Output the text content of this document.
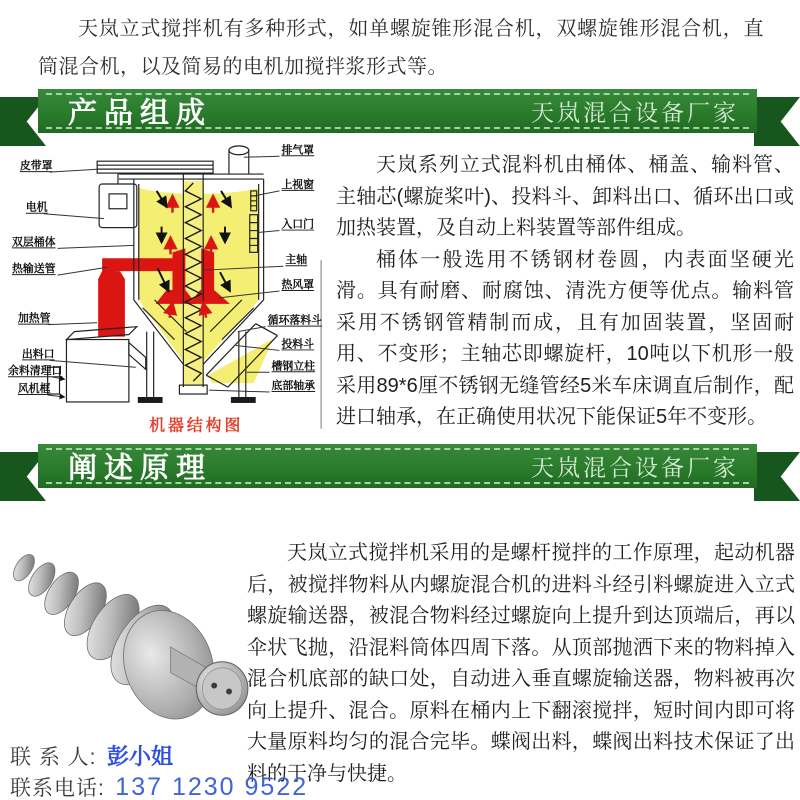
天岚立式搅拌机有多种形式，如单螺旋锥形混合机，双螺旋锥形混合机，直筒混合机，以及简易的电机加搅拌浆形式等。

产品组成	天岚混合设备厂家
皮带罩
电机
双层桶体
热输送管
加热管
出料口
余料清理口
风机框
排气罩
上视窗
入口门
主轴
热风罩
循环落料斗
投料斗
槽钢立柱
底部轴承
机器结构图

天岚系列立式混料机由桶体、桶盖、输料管、主轴芯(螺旋桨叶)、投料斗、卸料出口、循环出口或加热装置，及自动上料装置等部件组成。

桶体一般选用不锈钢材卷圆，内表面坚硬光滑。具有耐磨、耐腐蚀、清洗方便等优点。输料管采用不锈钢管精制而成，且有加固装置，坚固耐用、不变形；主轴芯即螺旋杆，10吨以下机形一般采用89*6厘不锈钢无缝管经5米车床调直后制作，配进口轴承，在正确使用状况下能保证5年不变形。

阐述原理	天岚混合设备厂家

天岚立式搅拌机采用的是螺杆搅拌的工作原理，起动机器后，被搅拌物料从内螺旋混合机的进料斗经引料螺旋进入立式螺旋输送器，被混合物料经过螺旋向上提升到达顶端后，再以伞状飞抛，沿混料筒体四周下落。从顶部抛洒下来的物料掉入混合机底部的缺口处，自动进入垂直螺旋输送器，物料被再次向上提升、混合。原料在桶内上下翻滚搅拌，短时间内即可将大量原料均匀的混合完毕。蝶阀出料，蝶阀出料技术保证了出料的干净与快捷。

联 系 人: 彭小姐
联系电话: 137 1230 9522
